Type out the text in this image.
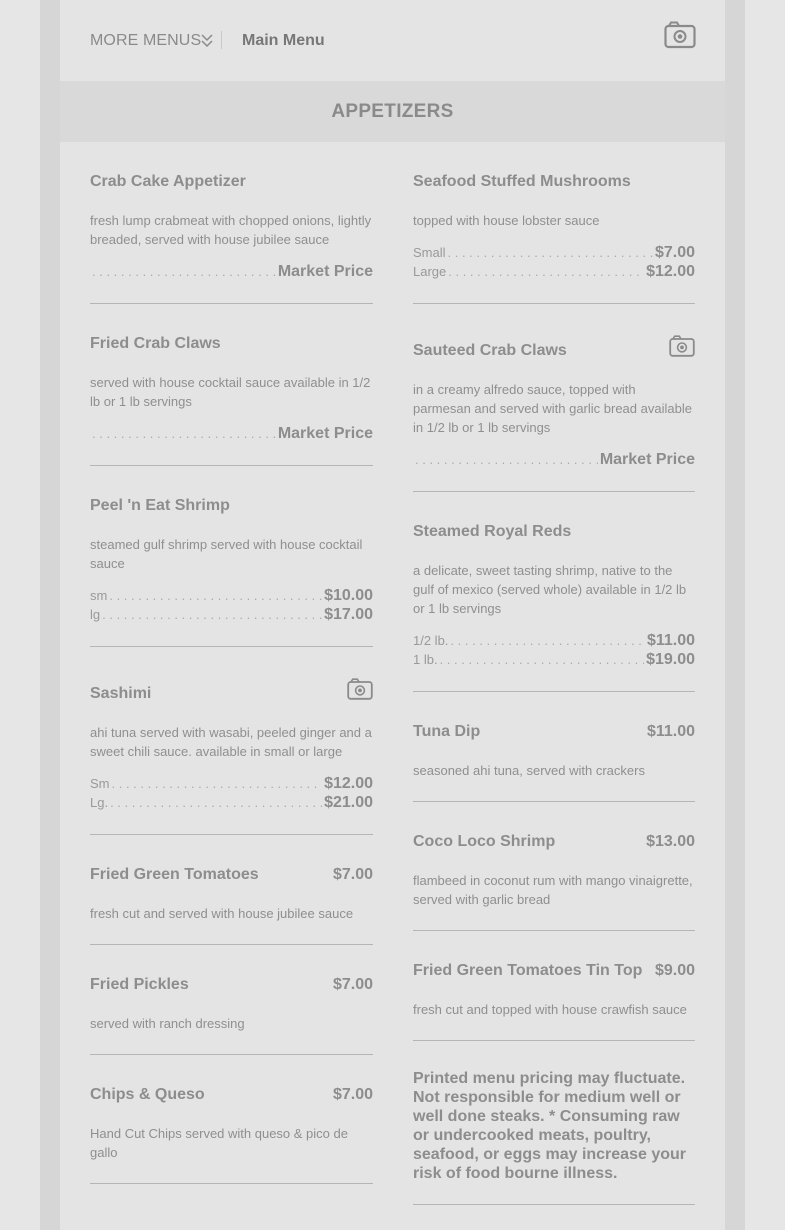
MORE MENUS	Main Menu
APPETIZERS
Crab Cake Appetizer
fresh lump crabmeat with chopped onions, lightly breaded, served with house jubilee sauce
. . .
Market Price
Fried Crab Claws
served with house cocktail sauce available in 1/2 lb or 1 lb servings
. . .
Market Price
Peel 'n Eat Shrimp
steamed gulf shrimp served with house cocktail sauce
sm . . .	$10.00
lg . . .	$17.00
Sashimi
ahi tuna served with wasabi, peeled ginger and a sweet chili sauce. available in small or large
Sm . . .	$12.00
Lg. . . .	$21.00
Fried Green Tomatoes	$7.00
fresh cut and served with house jubilee sauce
Fried Pickles	$7.00
served with ranch dressing
Chips & Queso	$7.00
Hand Cut Chips served with queso & pico de gallo
Seafood Stuffed Mushrooms
topped with house lobster sauce
Small . . .	$7.00
Large . . .	$12.00
Sauteed Crab Claws
in a creamy alfredo sauce, topped with parmesan and served with garlic bread available in 1/2 lb or 1 lb servings
. . .
Market Price
Steamed Royal Reds
a delicate, sweet tasting shrimp, native to the gulf of mexico (served whole) available in 1/2 lb or 1 lb servings
1/2 lb. . . .	$11.00
1 lb. . . .	$19.00
Tuna Dip	$11.00
seasoned ahi tuna, served with crackers
Coco Loco Shrimp	$13.00
flambeed in coconut rum with mango vinaigrette, served with garlic bread
Fried Green Tomatoes Tin Top $9.00
fresh cut and topped with house crawfish sauce
Printed menu pricing may fluctuate. Not responsible for medium well or well done steaks. * Consuming raw or undercooked meats, poultry, seafood, or eggs may increase your risk of food bourne illness.
